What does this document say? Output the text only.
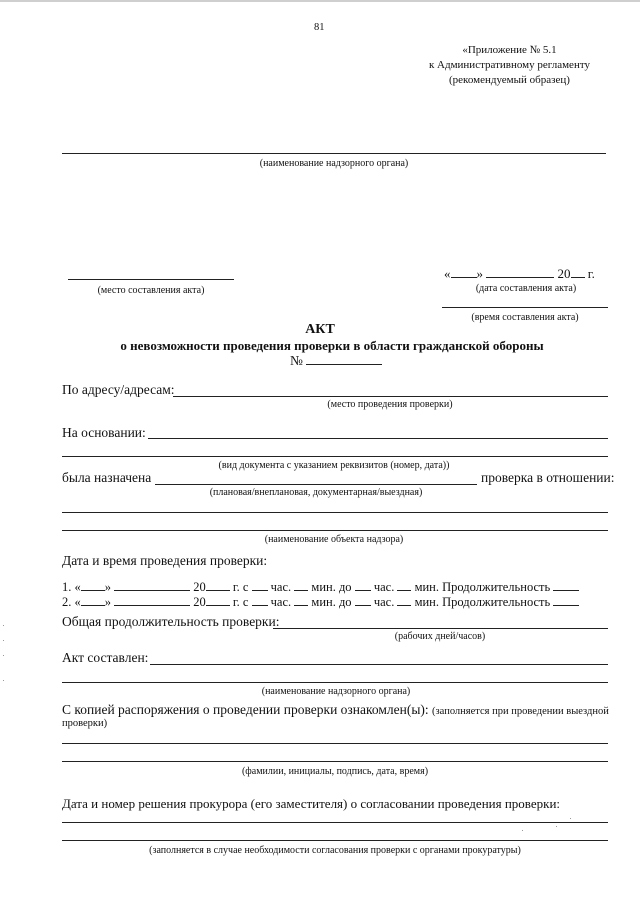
81
«Приложение № 5.1
к Административному регламенту
(рекомендуемый образец)
(наименование надзорного органа)
(место составления акта)
« »	20 г.
(дата составления акта)
(время составления акта)
АКТ
о невозможности проведения проверки в области гражданской обороны
№
По адресу/адресам:
(место проведения проверки)
На основании:
(вид документа с указанием реквизитов (номер, дата))
была назначена	проверка в отношении:
(плановая/внеплановая, документарная/выездная)
(наименование объекта надзора)
Дата и время проведения проверки:
1. « »	20 г. с час. мин. до час. мин. Продолжительность
2. « »	20 г. с час. мин. до час. мин. Продолжительность
Общая продолжительность проверки:
(рабочих дней/часов)
Акт составлен:
(наименование надзорного органа)
С копией распоряжения о проведении проверки ознакомлен(ы): (заполняется при проведении выездной
проверки)
(фамилии, инициалы, подпись, дата, время)
Дата и номер решения прокурора (его заместителя) о согласовании проведения проверки:
(заполняется в случае необходимости согласования проверки с органами прокуратуры)
